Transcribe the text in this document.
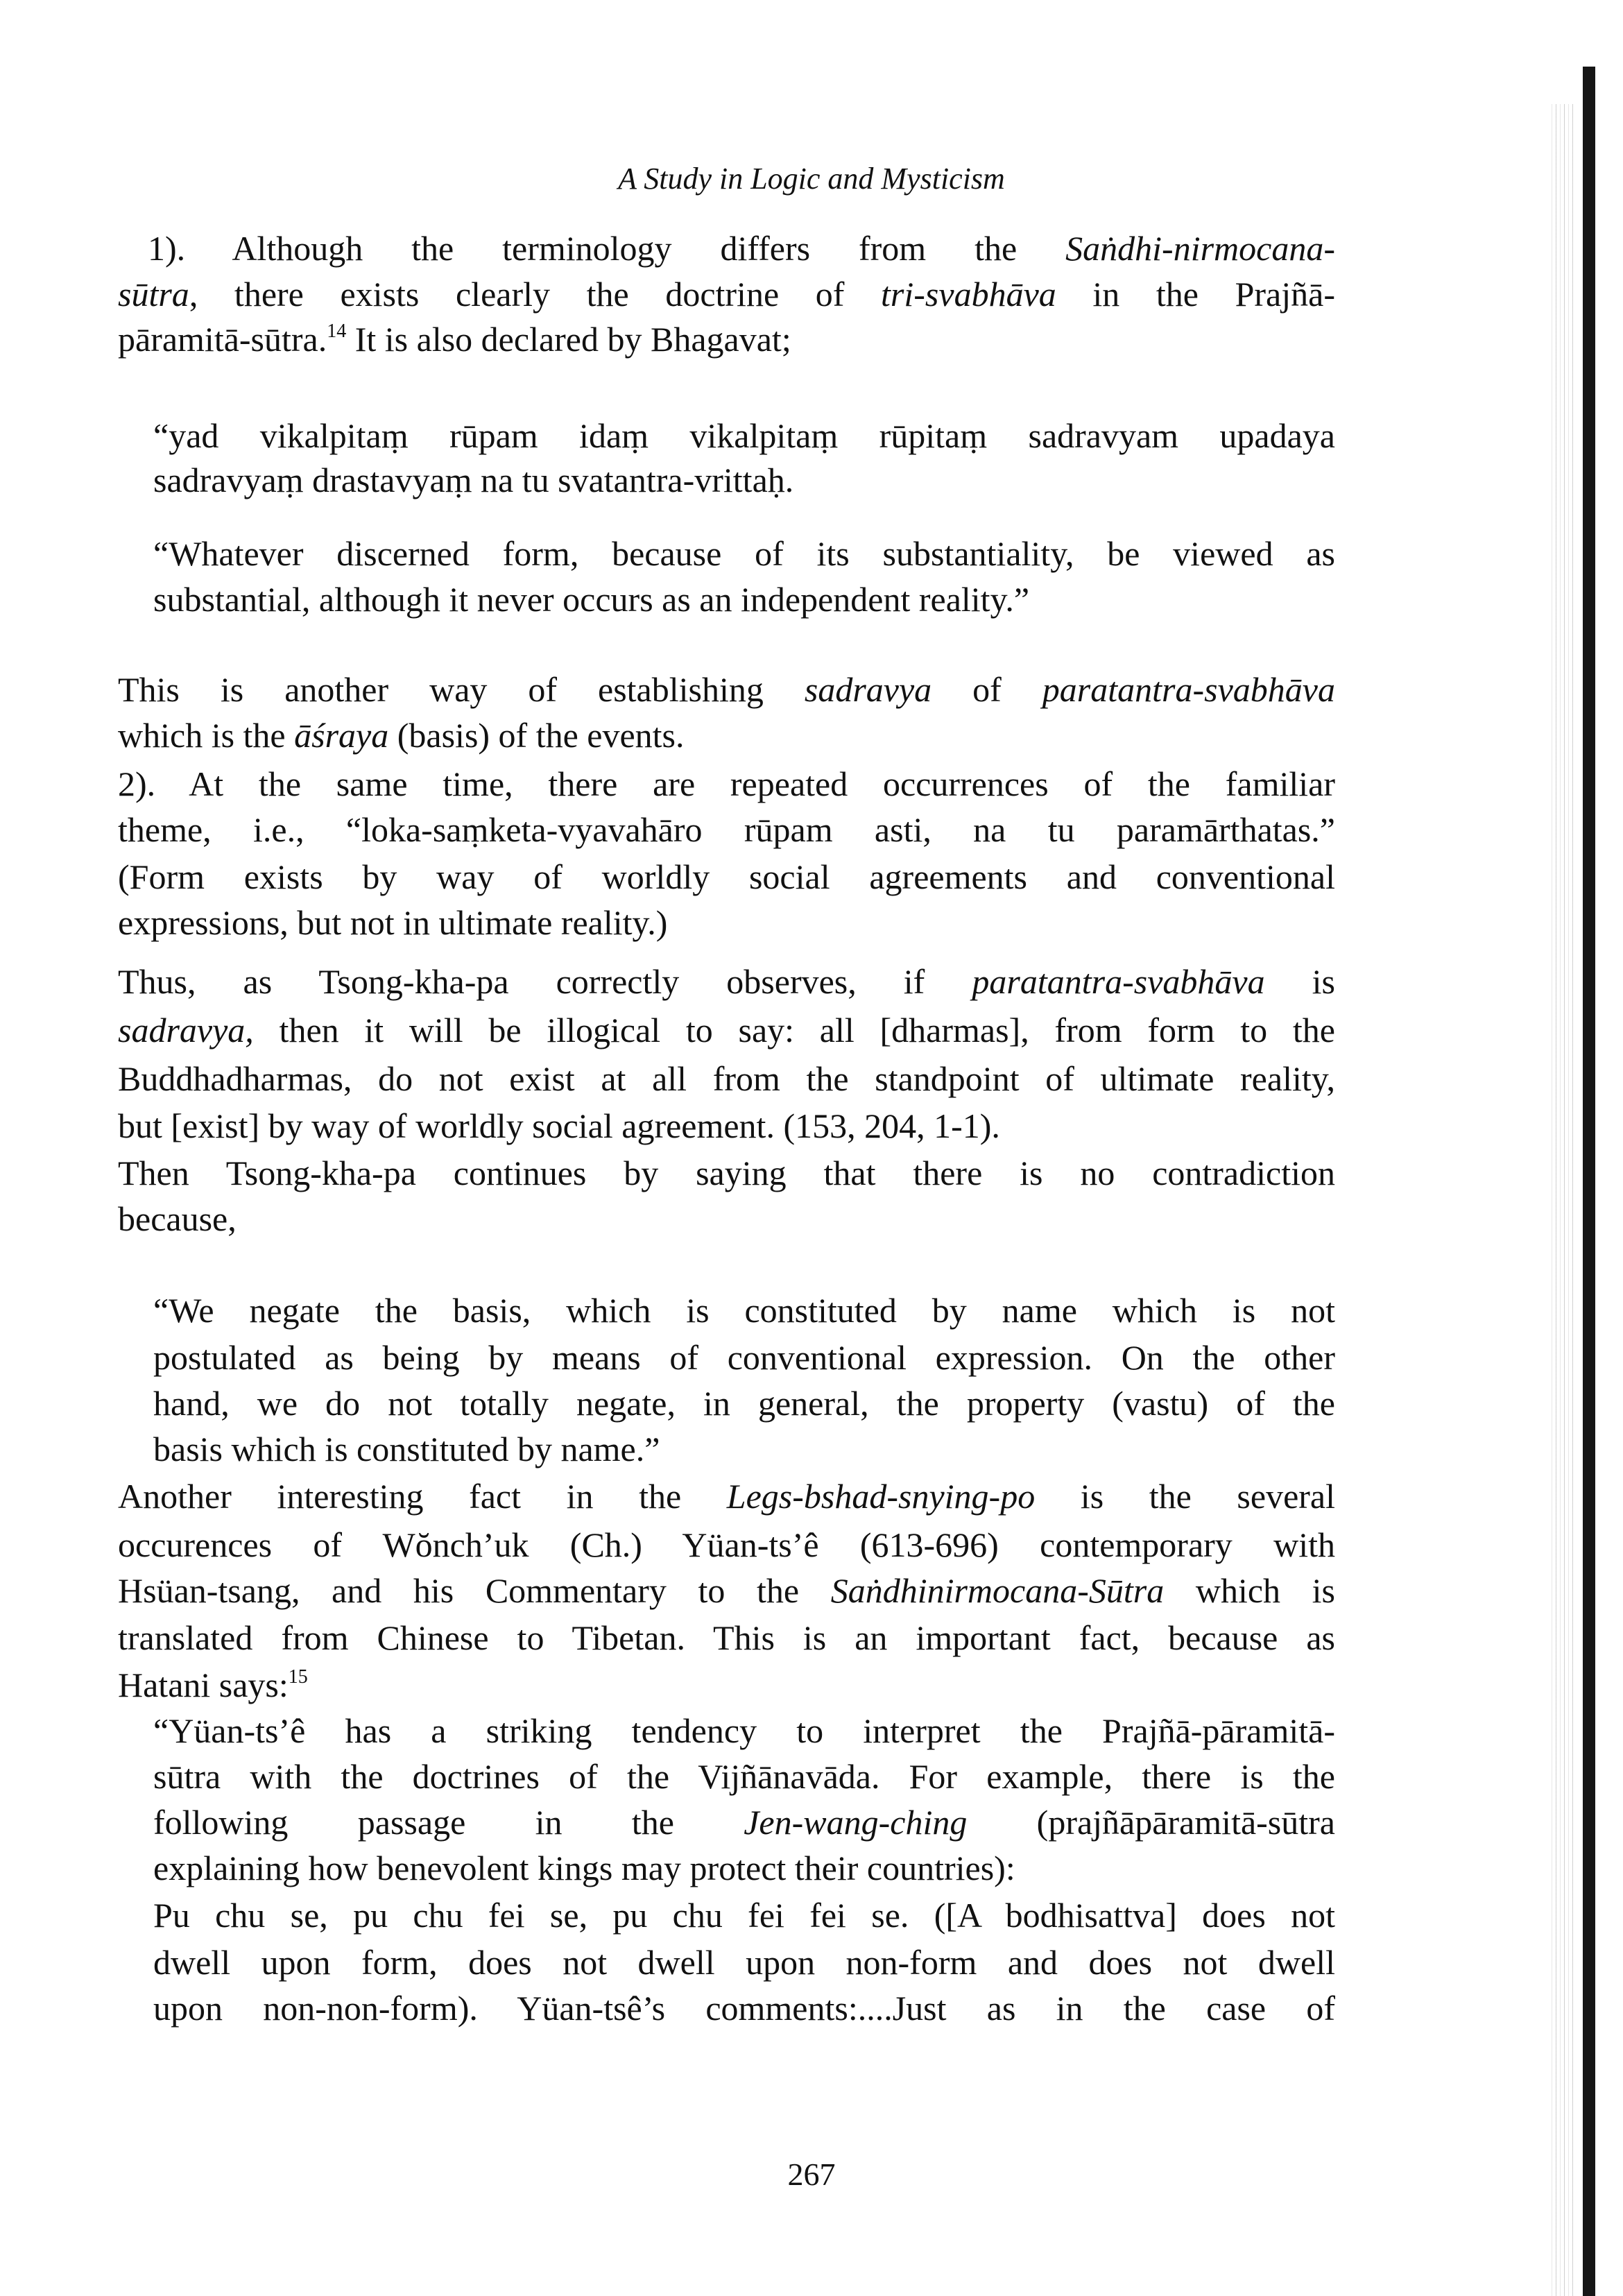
A Study in Logic and Mysticism
1). Although the terminology differs from the Saṅdhi-nirmocana-
sūtra, there exists clearly the doctrine of tri-svabhāva in the Prajñā-
pāramitā-sūtra.$^{14}$ It is also declared by Bhagavat;
“yad vikalpitaṃ rūpam idaṃ vikalpitaṃ rūpitaṃ sadravyam upadaya
sadravyaṃ drastavyaṃ na tu svatantra-vrittaḥ.
“Whatever discerned form, because of its substantiality, be viewed as
substantial, although it never occurs as an independent reality.”
This is another way of establishing sadravya of paratantra-svabhāva
which is the āśraya (basis) of the events.
2). At the same time, there are repeated occurrences of the familiar
theme, i.e., “loka-saṃketa-vyavahāro rūpam asti, na tu paramārthatas.”
(Form exists by way of worldly social agreements and conventional
expressions, but not in ultimate reality.)
Thus, as Tsong-kha-pa correctly observes, if paratantra-svabhāva is
sadravya, then it will be illogical to say: all [dharmas], from form to the
Buddhadharmas, do not exist at all from the standpoint of ultimate reality,
but [exist] by way of worldly social agreement. (153, 204, 1-1).
Then Tsong-kha-pa continues by saying that there is no contradiction
because,
“We negate the basis, which is constituted by name which is not
postulated as being by means of conventional expression. On the other
hand, we do not totally negate, in general, the property (vastu) of the
basis which is constituted by name.”
Another interesting fact in the Legs-bshad-snying-po is the several
occurences of Wŏnch’uk (Ch.) Yüan-ts’ê (613-696) contemporary with
Hsüan-tsang, and his Commentary to the Saṅdhinirmocana-Sūtra which is
translated from Chinese to Tibetan. This is an important fact, because as
Hatani says:$^{15}$
“Yüan-ts’ê has a striking tendency to interpret the Prajñā-pāramitā-
sūtra with the doctrines of the Vijñānavāda. For example, there is the
following passage in the Jen-wang-ching (prajñāpāramitā-sūtra
explaining how benevolent kings may protect their countries):
Pu chu se, pu chu fei se, pu chu fei fei se. ([A bodhisattva] does not
dwell upon form, does not dwell upon non-form and does not dwell
upon non-non-form). Yüan-tsê’s comments:....Just as in the case of
267
